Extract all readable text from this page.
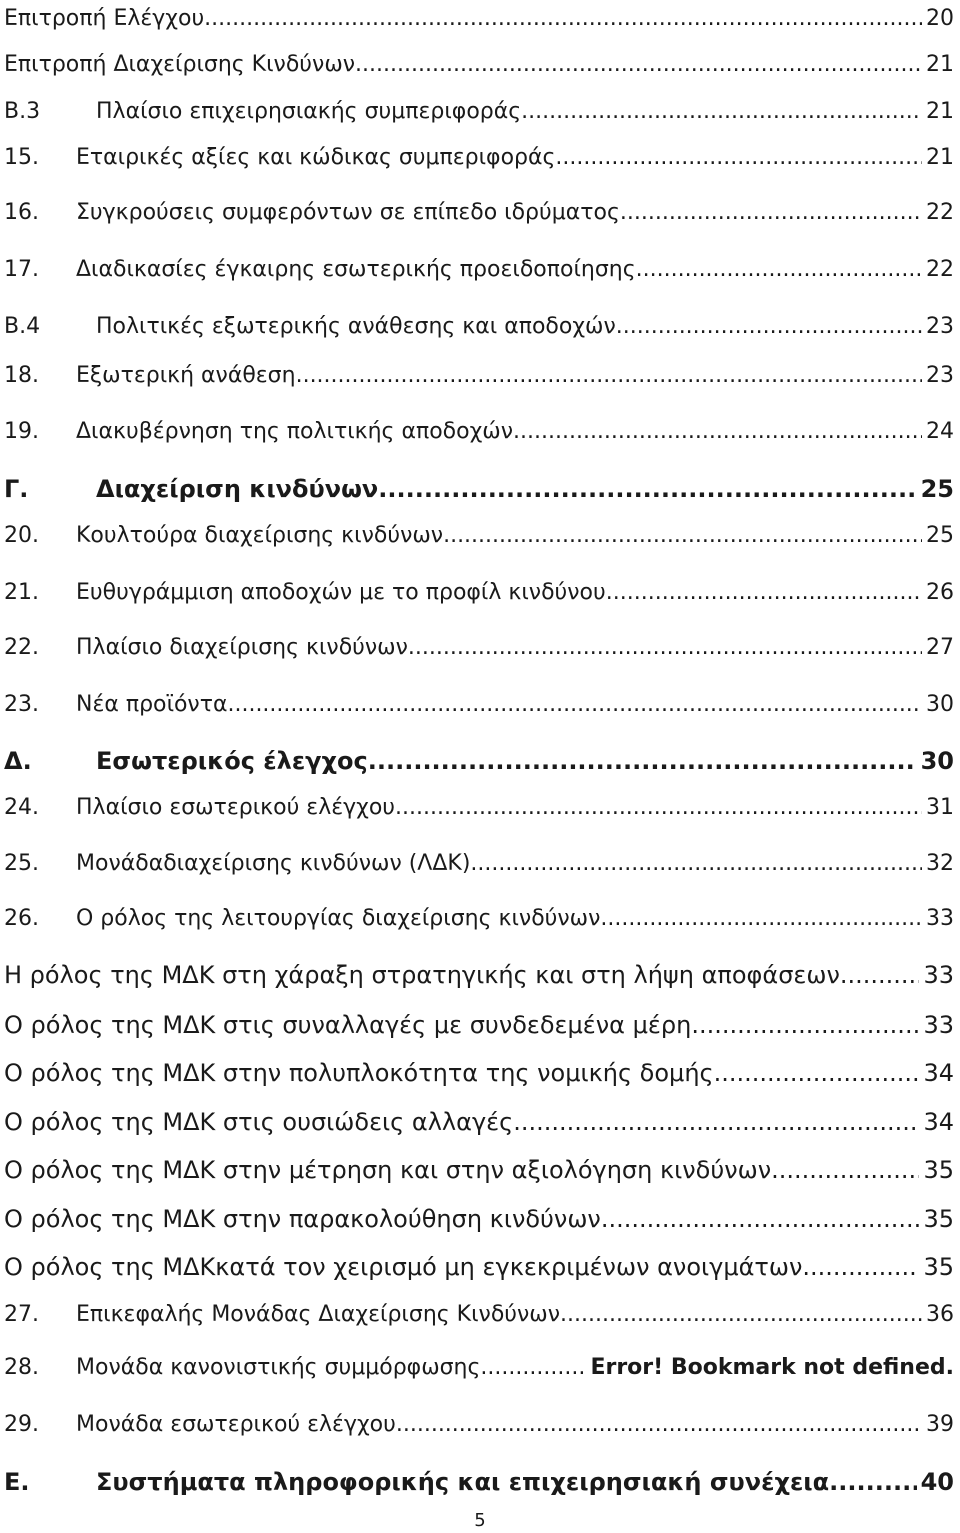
Επιτροπή Ελέγχου .....	20
Επιτροπή Διαχείρισης Κινδύνων .....	21
Β.3	Πλαίσιο επιχειρησιακής συμπεριφοράς .....	21
15.	Εταιρικές αξίες και κώδικας συμπεριφοράς .....	21
16.	Συγκρούσεις συμφερόντων σε επίπεδο ιδρύματος .....	22
17.	Διαδικασίες έγκαιρης εσωτερικής προειδοποίησης .....	22
Β.4	Πολιτικές εξωτερικής ανάθεσης και αποδοχών .....	23
18.	Εξωτερική ανάθεση .....	23
19.	Διακυβέρνηση της πολιτικής αποδοχών .....	24
Γ.	Διαχείριση κινδύνων .....	25
20.	Κουλτούρα διαχείρισης κινδύνων .....	25
21.	Ευθυγράμμιση αποδοχών με το προφίλ κινδύνου .....	26
22.	Πλαίσιο διαχείρισης κινδύνων .....	27
23.	Νέα προϊόντα .....	30
Δ.	Εσωτερικός έλεγχος .....	30
24.	Πλαίσιο εσωτερικού ελέγχου .....	31
25.	Μονάδαδιαχείρισης κινδύνων (ΛΔΚ) .....	32
26.	Ο ρόλος της λειτουργίας διαχείρισης κινδύνων .....	33
Η ρόλος της ΜΔΚ στη χάραξη στρατηγικής και στη λήψη αποφάσεων .....	33
Ο ρόλος της ΜΔΚ στις συναλλαγές με συνδεδεμένα μέρη .....	33
Ο ρόλος της ΜΔΚ στην πολυπλοκότητα της νομικής δομής .....	34
Ο ρόλος της ΜΔΚ στις ουσιώδεις αλλαγές .....	34
Ο ρόλος της ΜΔΚ στην μέτρηση και στην αξιολόγηση κινδύνων .....	35
Ο ρόλος της ΜΔΚ στην παρακολούθηση κινδύνων .....	35
Ο ρόλος της ΜΔΚκατά τον χειρισμό μη εγκεκριμένων ανοιγμάτων .....	35
27.	Επικεφαλής Μονάδας Διαχείρισης Κινδύνων .....	36
28.	Μονάδα κανονιστικής συμμόρφωσης .....	Error! Bookmark not defined.
29.	Μονάδα εσωτερικού ελέγχου .....	39
Ε.	Συστήματα πληροφορικής και επιχειρησιακή συνέχεια .....	40
5
